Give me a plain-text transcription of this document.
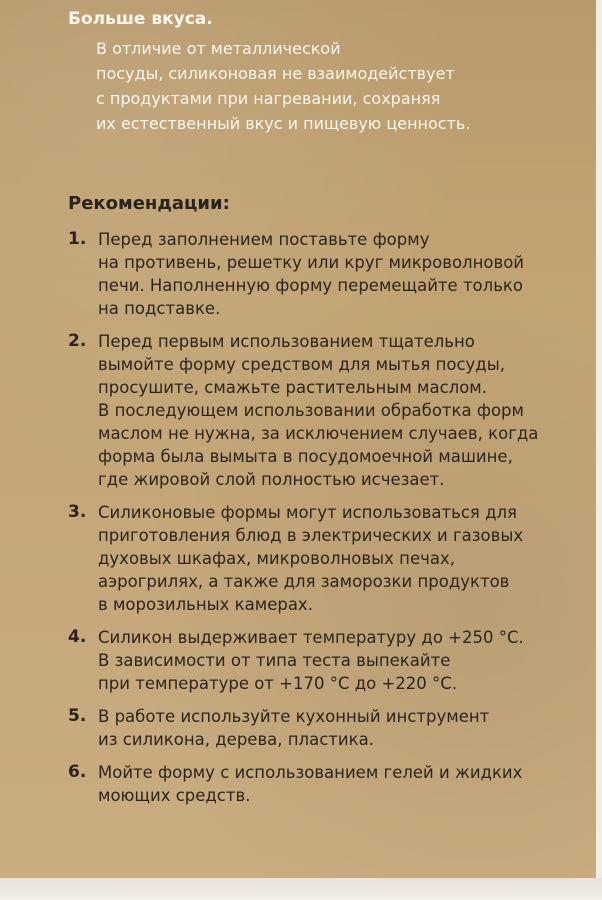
Больше вкуса.

В отличие от металлической
посуды, силиконовая не взаимодействует
с продуктами при нагревании, сохраняя
их естественный вкус и пищевую ценность.

Рекомендации:

1. Перед заполнением поставьте форму
на противень, решетку или круг микроволновой
печи. Наполненную форму перемещайте только
на подставке.
2. Перед первым использованием тщательно
вымойте форму средством для мытья посуды,
просушите, смажьте растительным маслом.
В последующем использовании обработка форм
маслом не нужна, за исключением случаев, когда
форма была вымыта в посудомоечной машине,
где жировой слой полностью исчезает.
3. Силиконовые формы могут использоваться для
приготовления блюд в электрических и газовых
духовых шкафах, микроволновых печах,
аэрогрилях, а также для заморозки продуктов
в морозильных камерах.
4. Силикон выдерживает температуру до +250 °C.
В зависимости от типа теста выпекайте
при температуре от +170 °C до +220 °C.
5. В работе используйте кухонный инструмент
из силикона, дерева, пластика.
6. Мойте форму с использованием гелей и жидких
моющих средств.
